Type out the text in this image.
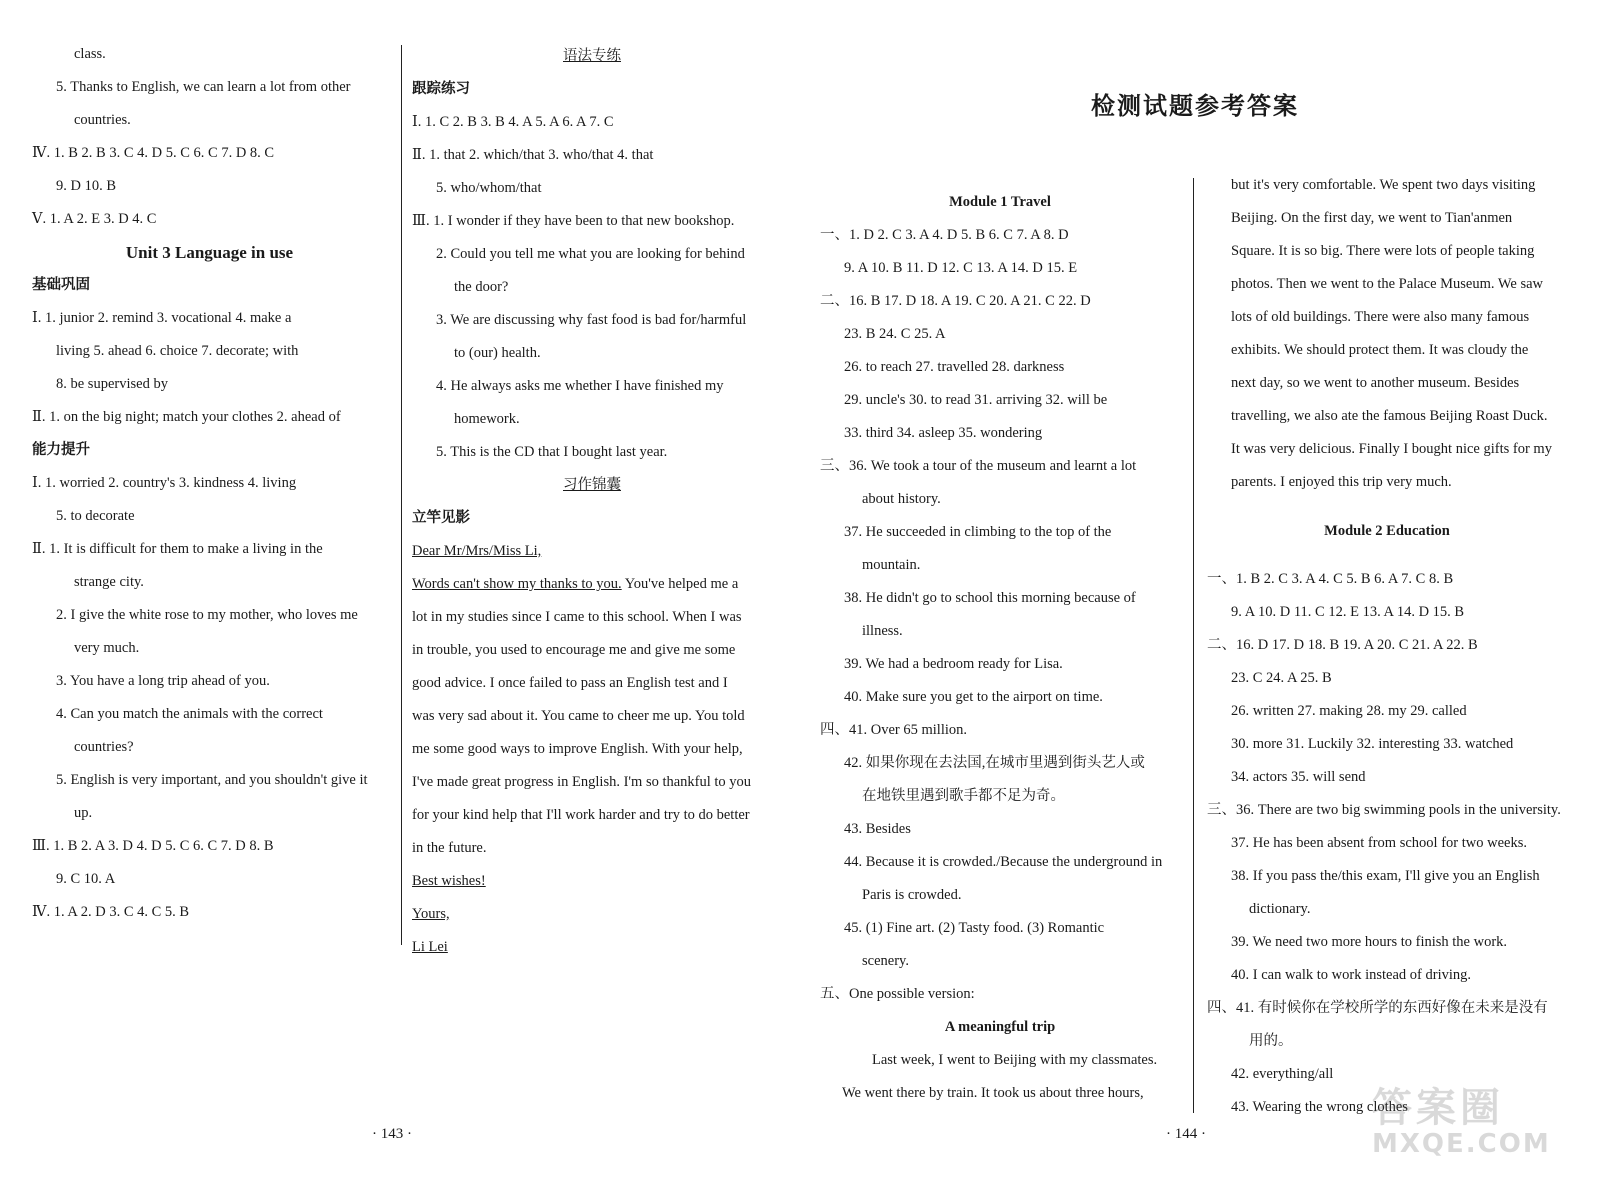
class.

5. Thanks to English, we can learn a lot from other

countries.

Ⅳ. 1. B 2. B 3. C 4. D 5. C 6. C 7. D 8. C

9. D 10. B

Ⅴ. 1. A 2. E 3. D 4. C

Unit 3 Language in use

基础巩固

Ⅰ. 1. junior 2. remind 3. vocational 4. make a

living 5. ahead 6. choice 7. decorate; with

8. be supervised by

Ⅱ. 1. on the big night; match your clothes 2. ahead of

能力提升

Ⅰ. 1. worried 2. country's 3. kindness 4. living

5. to decorate

Ⅱ. 1. It is difficult for them to make a living in the

strange city.

2. I give the white rose to my mother, who loves me

very much.

3. You have a long trip ahead of you.

4. Can you match the animals with the correct

countries?

5. English is very important, and you shouldn't give it

up.

Ⅲ. 1. B 2. A 3. D 4. D 5. C 6. C 7. D 8. B

9. C 10. A

Ⅳ. 1. A 2. D 3. C 4. C 5. B

语法专练

跟踪练习

Ⅰ. 1. C 2. B 3. B 4. A 5. A 6. A 7. C

Ⅱ. 1. that 2. which/that 3. who/that 4. that

5. who/whom/that

Ⅲ. 1. I wonder if they have been to that new bookshop.

2. Could you tell me what you are looking for behind

the door?

3. We are discussing why fast food is bad for/harmful

to (our) health.

4. He always asks me whether I have finished my

homework.

5. This is the CD that I bought last year.

习作锦囊

立竿见影

Dear Mr/Mrs/Miss Li,

Words can't show my thanks to you. You've helped me a

lot in my studies since I came to this school. When I was

in trouble, you used to encourage me and give me some

good advice. I once failed to pass an English test and I

was very sad about it. You came to cheer me up. You told

me some good ways to improve English. With your help,

I've made great progress in English. I'm so thankful to you

for your kind help that I'll work harder and try to do better

in the future.

Best wishes!

Yours,

Li Lei

检测试题参考答案

Module 1 Travel

一、1. D 2. C 3. A 4. D 5. B 6. C 7. A 8. D

9. A 10. B 11. D 12. C 13. A 14. D 15. E

二、16. B 17. D 18. A 19. C 20. A 21. C 22. D

23. B 24. C 25. A

26. to reach 27. travelled 28. darkness

29. uncle's 30. to read 31. arriving 32. will be

33. third 34. asleep 35. wondering

三、36. We took a tour of the museum and learnt a lot

about history.

37. He succeeded in climbing to the top of the

mountain.

38. He didn't go to school this morning because of

illness.

39. We had a bedroom ready for Lisa.

40. Make sure you get to the airport on time.

四、41. Over 65 million.

42. 如果你现在去法国,在城市里遇到街头艺人或

在地铁里遇到歌手都不足为奇。

43. Besides

44. Because it is crowded./Because the underground in

Paris is crowded.

45. (1) Fine art. (2) Tasty food. (3) Romantic

scenery.

五、One possible version:

A meaningful trip

Last week, I went to Beijing with my classmates.

We went there by train. It took us about three hours,

but it's very comfortable. We spent two days visiting

Beijing. On the first day, we went to Tian'anmen

Square. It is so big. There were lots of people taking

photos. Then we went to the Palace Museum. We saw

lots of old buildings. There were also many famous

exhibits. We should protect them. It was cloudy the

next day, so we went to another museum. Besides

travelling, we also ate the famous Beijing Roast Duck.

It was very delicious. Finally I bought nice gifts for my

parents. I enjoyed this trip very much.

Module 2 Education

一、1. B 2. C 3. A 4. C 5. B 6. A 7. C 8. B

9. A 10. D 11. C 12. E 13. A 14. D 15. B

二、16. D 17. D 18. B 19. A 20. C 21. A 22. B

23. C 24. A 25. B

26. written 27. making 28. my 29. called

30. more 31. Luckily 32. interesting 33. watched

34. actors 35. will send

三、36. There are two big swimming pools in the university.

37. He has been absent from school for two weeks.

38. If you pass the/this exam, I'll give you an English

dictionary.

39. We need two more hours to finish the work.

40. I can walk to work instead of driving.

四、41. 有时候你在学校所学的东西好像在未来是没有

用的。

42. everything/all

43. Wearing the wrong clothes

· 143 ·	· 144 ·
答案圈
MXQE.COM
